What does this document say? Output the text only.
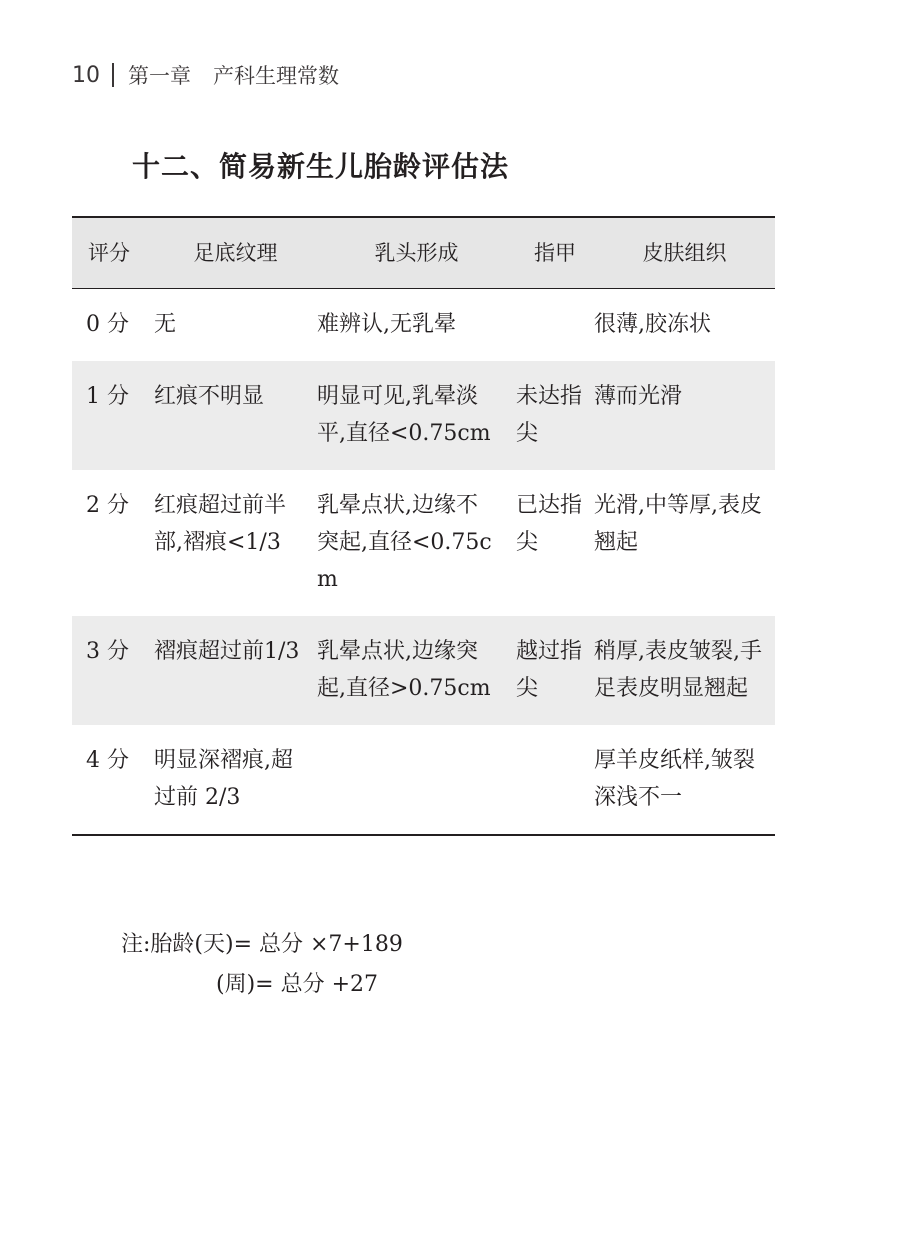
10 第一章 产科生理常数
十二、简易新生儿胎龄评估法
评分	足底纹理	乳头形成	指甲	皮肤组织
0 分	无	难辨认,无乳晕		很薄,胶冻状
1 分	红痕不明显	明显可见,乳晕淡平,直径<0.75cm	未达指尖	薄而光滑
2 分	红痕超过前半部,褶痕<1/3	乳晕点状,边缘不突起,直径<0.75cm	已达指尖	光滑,中等厚,表皮翘起
3 分	褶痕超过前1/3	乳晕点状,边缘突起,直径>0.75cm	越过指尖	稍厚,表皮皱裂,手足表皮明显翘起
4 分	明显深褶痕,超过前 2/3			厚羊皮纸样,皱裂深浅不一
注:胎龄(天)= 总分 ×7+189
(周)= 总分 +27
